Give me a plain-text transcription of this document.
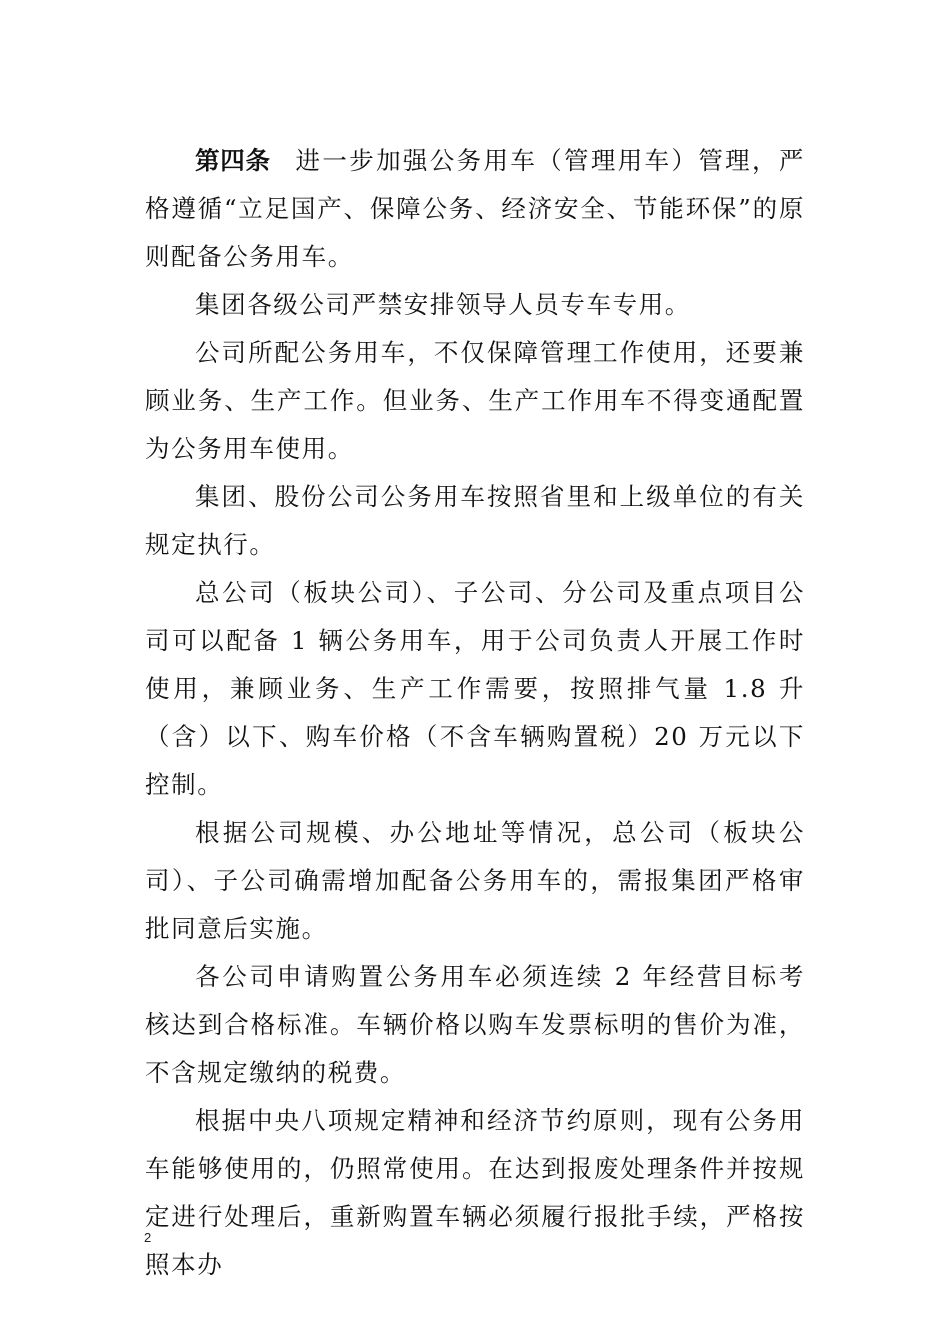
第四条 进一步加强公务用车（管理用车）管理，严格遵循“立足国产、保障公务、经济安全、节能环保”的原则配备公务用车。

集团各级公司严禁安排领导人员专车专用。

公司所配公务用车，不仅保障管理工作使用，还要兼顾业务、生产工作。但业务、生产工作用车不得变通配置为公务用车使用。

集团、股份公司公务用车按照省里和上级单位的有关规定执行。

总公司（板块公司）、子公司、分公司及重点项目公司可以配备 1 辆公务用车，用于公司负责人开展工作时使用，兼顾业务、生产工作需要，按照排气量 1.8 升（含）以下、购车价格（不含车辆购置税）20 万元以下控制。

根据公司规模、办公地址等情况，总公司（板块公司）、子公司确需增加配备公务用车的，需报集团严格审批同意后实施。

各公司申请购置公务用车必须连续 2 年经营目标考核达到合格标准。车辆价格以购车发票标明的售价为准，不含规定缴纳的税费。

根据中央八项规定精神和经济节约原则，现有公务用车能够使用的，仍照常使用。在达到报废处理条件并按规定进行处理后，重新购置车辆必须履行报批手续，严格按照本办

2
